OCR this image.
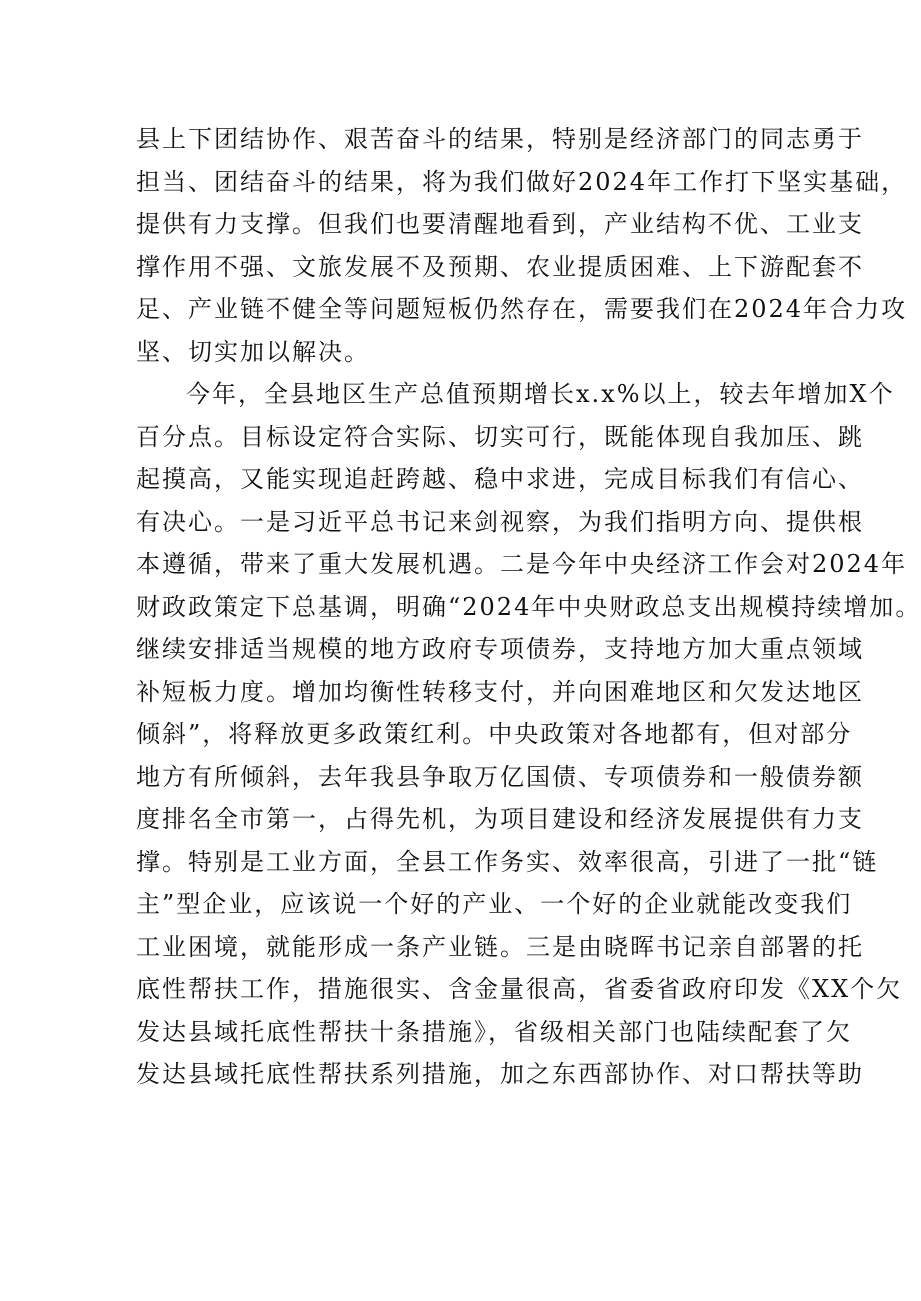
县上下团结协作、艰苦奋斗的结果，特别是经济部门的同志勇于
担当、团结奋斗的结果，将为我们做好2024年工作打下坚实基础，
提供有力支撑。但我们也要清醒地看到，产业结构不优、工业支
撑作用不强、文旅发展不及预期、农业提质困难、上下游配套不
足、产业链不健全等问题短板仍然存在，需要我们在2024年合力攻
坚、切实加以解决。
今年，全县地区生产总值预期增长x.x%以上，较去年增加X个
百分点。目标设定符合实际、切实可行，既能体现自我加压、跳
起摸高，又能实现追赶跨越、稳中求进，完成目标我们有信心、
有决心。一是习近平总书记来剑视察，为我们指明方向、提供根
本遵循，带来了重大发展机遇。二是今年中央经济工作会对2024年
财政政策定下总基调，明确“2024年中央财政总支出规模持续增加。
继续安排适当规模的地方政府专项债券，支持地方加大重点领域
补短板力度。增加均衡性转移支付，并向困难地区和欠发达地区
倾斜”，将释放更多政策红利。中央政策对各地都有，但对部分
地方有所倾斜，去年我县争取万亿国债、专项债券和一般债券额
度排名全市第一，占得先机，为项目建设和经济发展提供有力支
撑。特别是工业方面，全县工作务实、效率很高，引进了一批“链
主”型企业，应该说一个好的产业、一个好的企业就能改变我们
工业困境，就能形成一条产业链。三是由晓晖书记亲自部署的托
底性帮扶工作，措施很实、含金量很高，省委省政府印发《XX个欠
发达县域托底性帮扶十条措施》，省级相关部门也陆续配套了欠
发达县域托底性帮扶系列措施，加之东西部协作、对口帮扶等助
